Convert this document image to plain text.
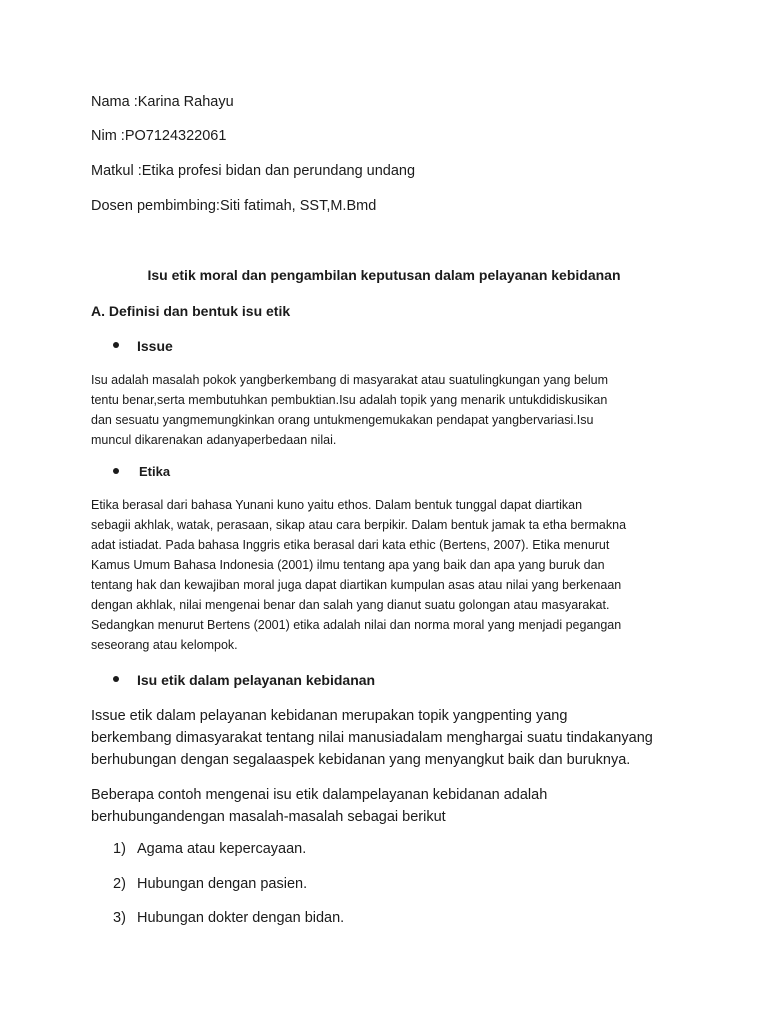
Nama :Karina Rahayu
Nim :PO7124322061
Matkul :Etika profesi bidan dan perundang undang
Dosen pembimbing:Siti fatimah, SST,M.Bmd
Isu etik moral dan pengambilan keputusan dalam pelayanan kebidanan
A. Definisi dan bentuk isu etik
Issue
Isu adalah masalah pokok yangberkembang di masyarakat atau suatulingkungan yang belum
tentu benar,serta membutuhkan pembuktian.Isu adalah topik yang menarik untukdidiskusikan
dan sesuatu yangmemungkinkan orang untukmengemukakan pendapat yangbervariasi.Isu
muncul dikarenakan adanyaperbedaan nilai.
Etika
Etika berasal dari bahasa Yunani kuno yaitu ethos. Dalam bentuk tunggal dapat diartikan
sebagii akhlak, watak, perasaan, sikap atau cara berpikir. Dalam bentuk jamak ta etha bermakna
adat istiadat. Pada bahasa Inggris etika berasal dari kata ethic (Bertens, 2007). Etika menurut
Kamus Umum Bahasa Indonesia (2001) ilmu tentang apa yang baik dan apa yang buruk dan
tentang hak dan kewajiban moral juga dapat diartikan kumpulan asas atau nilai yang berkenaan
dengan akhlak, nilai mengenai benar dan salah yang dianut suatu golongan atau masyarakat.
Sedangkan menurut Bertens (2001) etika adalah nilai dan norma moral yang menjadi pegangan
seseorang atau kelompok.
Isu etik dalam pelayanan kebidanan
Issue etik dalam pelayanan kebidanan merupakan topik yangpenting yang
berkembang dimasyarakat tentang nilai manusiadalam menghargai suatu tindakanyang
berhubungan dengan segalaaspek kebidanan yang menyangkut baik dan buruknya.
Beberapa contoh mengenai isu etik dalampelayanan kebidanan adalah
berhubungandengan masalah-masalah sebagai berikut
1) Agama atau kepercayaan.
2) Hubungan dengan pasien.
3) Hubungan dokter dengan bidan.
